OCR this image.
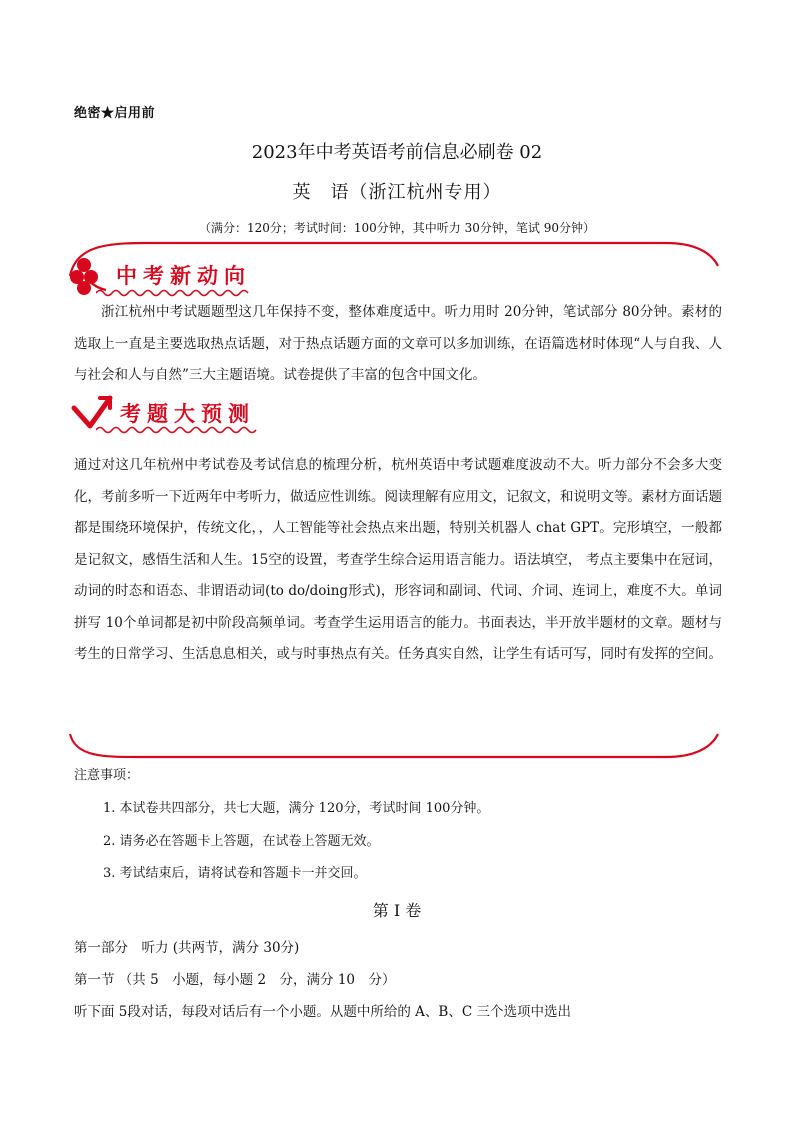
绝密★启用前
2023年中考英语考前信息必刷卷 02
英　语（浙江杭州专用）
（满分：120分；考试时间：100分钟，其中听力 30分钟，笔试 90分钟）
中考新动向
浙江杭州中考试题题型这几年保持不变，整体难度适中。听力用时 20分钟，笔试部分 80分钟。素材的选取上一直是主要选取热点话题，对于热点话题方面的文章可以多加训练，在语篇选材时体现“人与自我、人与社会和人与自然”三大主题语境。试卷提供了丰富的包含中国文化。
考题大预测
通过对这几年杭州中考试卷及考试信息的梳理分析，杭州英语中考试题难度波动不大。听力部分不会多大变化，考前多听一下近两年中考听力，做适应性训练。阅读理解有应用文，记叙文，和说明文等。素材方面话题都是围绕环境保护，传统文化，，人工智能等社会热点来出题，特别关机器人 chat GPT。完形填空，一般都是记叙文，感悟生活和人生。15空的设置，考查学生综合运用语言能力。语法填空， 考点主要集中在冠词，动词的时态和语态、非谓语动词(to do/doing形式)，形容词和副词、代词、介词、连词上，难度不大。单词拼写 10个单词都是初中阶段高频单词。考查学生运用语言的能力。书面表达，半开放半题材的文章。题材与考生的日常学习、生活息息相关，或与时事热点有关。任务真实自然，让学生有话可写，同时有发挥的空间。
注意事项：
1. 本试卷共四部分，共七大题，满分 120分，考试时间 100分钟。
2. 请务必在答题卡上答题，在试卷上答题无效。
3. 考试结束后，请将试卷和答题卡一并交回。
第 I 卷
第一部分　听力 (共两节，满分 30分)
第一节 （共 5　小题，每小题 2　分，满分 10　分）
听下面 5段对话，每段对话后有一个小题。从题中所给的 A、B、C 三个选项中选出
